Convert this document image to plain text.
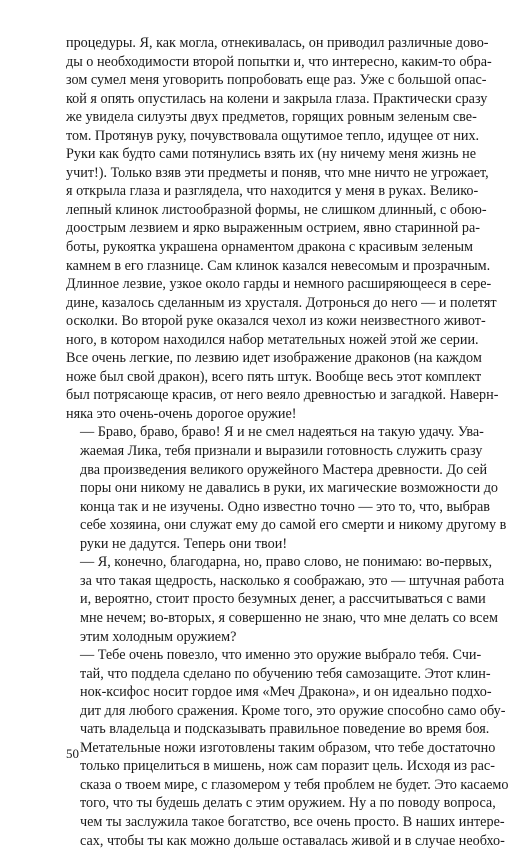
процедуры. Я, как могла, отнекивалась, он приводил различные дово-
ды о необходимости второй попытки и, что интересно, каким-то обра-
зом сумел меня уговорить попробовать еще раз. Уже с большой опас-
кой я опять опустилась на колени и закрыла глаза. Практически сразу
же увидела силуэты двух предметов, горящих ровным зеленым све-
том. Протянув руку, почувствовала ощутимое тепло, идущее от них.
Руки как будто сами потянулись взять их (ну ничему меня жизнь не
учит!). Только взяв эти предметы и поняв, что мне ничто не угрожает,
я открыла глаза и разглядела, что находится у меня в руках. Велико-
лепный клинок листообразной формы, не слишком длинный, с обою-
доострым лезвием и ярко выраженным острием, явно старинной ра-
боты, рукоятка украшена орнаментом дракона с красивым зеленым
камнем в его глазнице. Сам клинок казался невесомым и прозрачным.
Длинное лезвие, узкое около гарды и немного расширяющееся в сере-
дине, казалось сделанным из хрусталя. Дотронься до него — и полетят
осколки. Во второй руке оказался чехол из кожи неизвестного живот-
ного, в котором находился набор метательных ножей этой же серии.
Все очень легкие, по лезвию идет изображение драконов (на каждом
ноже был свой дракон), всего пять штук. Вообще весь этот комплект
был потрясающе красив, от него веяло древностью и загадкой. Наверн-
няка это очень-очень дорогое оружие!
— Браво, браво, браво! Я и не смел надеяться на такую удачу. Ува-
жаемая Лика, тебя признали и выразили готовность служить сразу
два произведения великого оружейного Мастера древности. До сей
поры они никому не давались в руки, их магические возможности до
конца так и не изучены. Одно известно точно — это то, что, выбрав
себе хозяина, они служат ему до самой его смерти и никому другому в
руки не дадутся. Теперь они твои!
— Я, конечно, благодарна, но, право слово, не понимаю: во-первых,
за что такая щедрость, насколько я соображаю, это — штучная работа
и, вероятно, стоит просто безумных денег, а рассчитываться с вами
мне нечем; во-вторых, я совершенно не знаю, что мне делать со всем
этим холодным оружием?
— Тебе очень повезло, что именно это оружие выбрало тебя. Счи-
тай, что поддела сделано по обучению тебя самозащите. Этот клин-
нок-ксифос носит гордое имя «Меч Дракона», и он идеально подхо-
дит для любого сражения. Кроме того, это оружие способно само обу-
чать владельца и подсказывать правильное поведение во время боя.
Метательные ножи изготовлены таким образом, что тебе достаточно
только прицелиться в мишень, нож сам поразит цель. Исходя из рас-
сказа о твоем мире, с глазомером у тебя проблем не будет. Это касаемо
того, что ты будешь делать с этим оружием. Ну а по поводу вопроса,
чем ты заслужила такое богатство, все очень просто. В наших интере-
сах, чтобы ты как можно дольше оставалась живой и в случае необхо-
50
